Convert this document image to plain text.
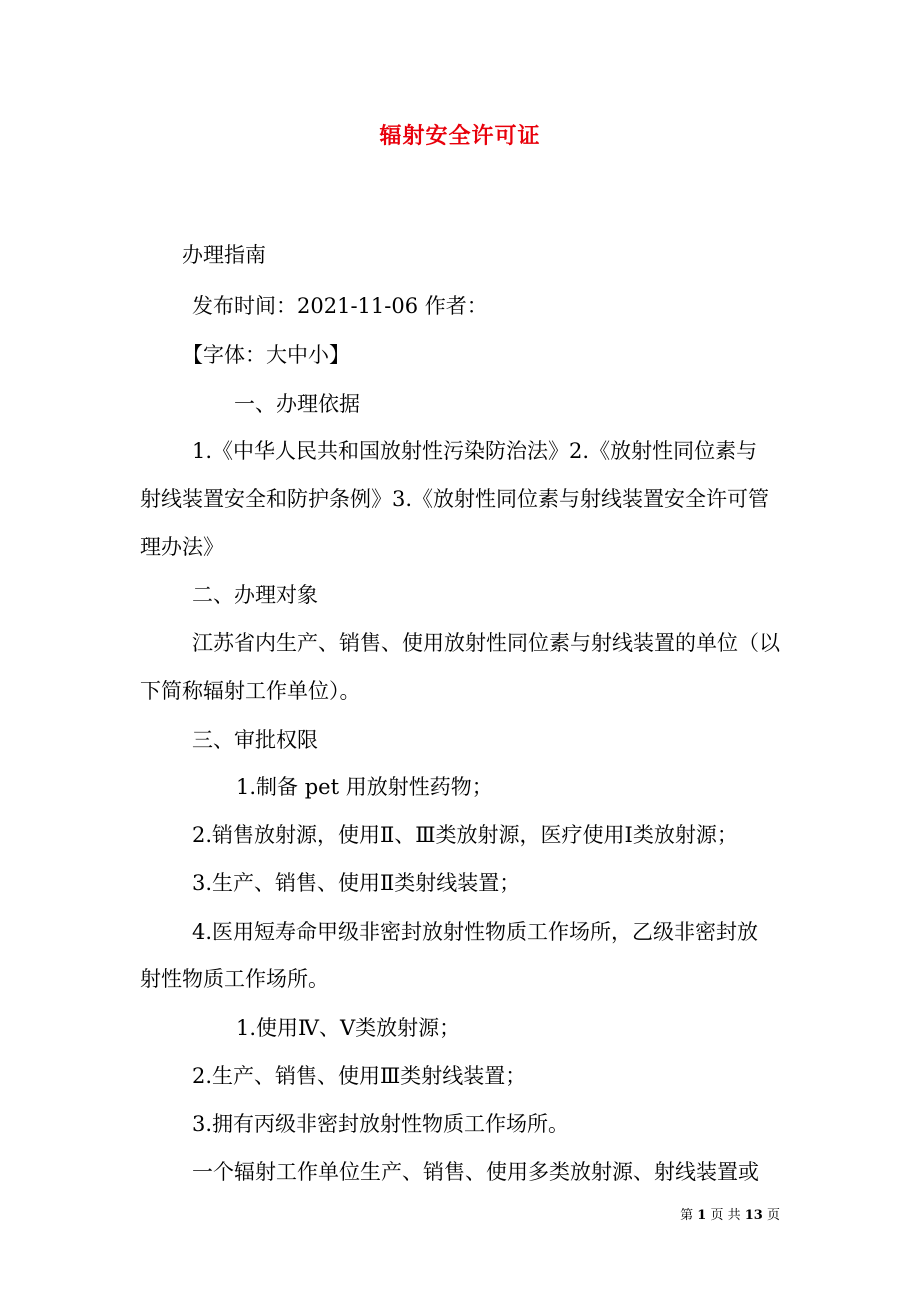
辐射安全许可证
办理指南
发布时间：2021-11-06 作者：
【字体：大中小】
一、办理依据
1.《中华人民共和国放射性污染防治法》2.《放射性同位素与
射线装置安全和防护条例》3.《放射性同位素与射线装置安全许可管
理办法》
二、办理对象
江苏省内生产、销售、使用放射性同位素与射线装置的单位（以
下简称辐射工作单位）。
三、审批权限
1.制备 pet 用放射性药物；
2.销售放射源，使用Ⅱ、Ⅲ类放射源，医疗使用Ⅰ类放射源；
3.生产、销售、使用Ⅱ类射线装置；
4.医用短寿命甲级非密封放射性物质工作场所，乙级非密封放
射性物质工作场所。
1.使用Ⅳ、Ⅴ类放射源；
2.生产、销售、使用Ⅲ类射线装置；
3.拥有丙级非密封放射性物质工作场所。
一个辐射工作单位生产、销售、使用多类放射源、射线装置或
第 1 页 共 13 页
